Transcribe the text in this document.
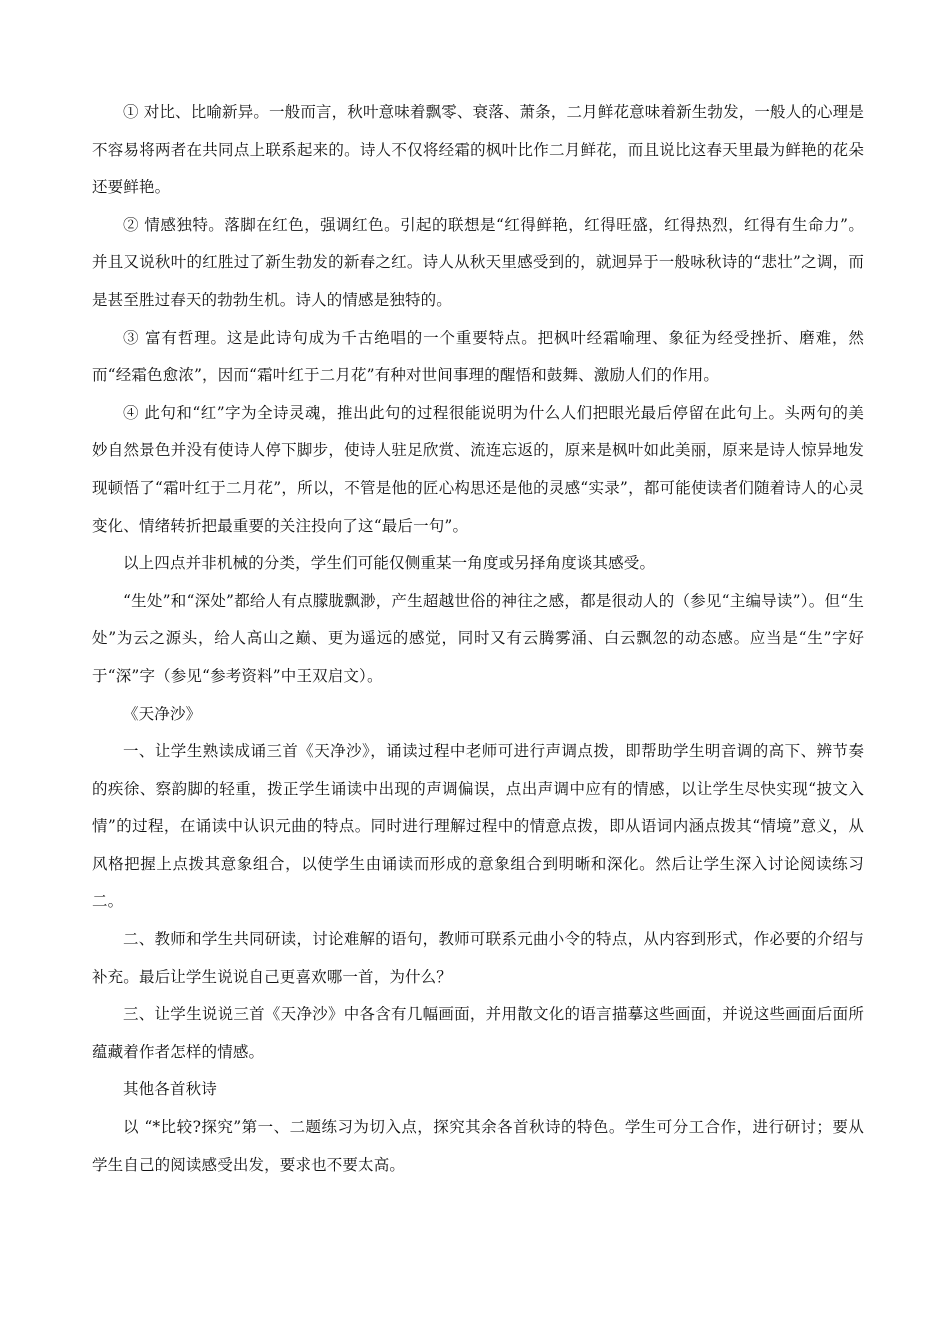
① 对比、比喻新异。一般而言，秋叶意味着飘零、衰落、萧条，二月鲜花意味着新生勃发，一般人的心理是不容易将两者在共同点上联系起来的。诗人不仅将经霜的枫叶比作二月鲜花，而且说比这春天里最为鲜艳的花朵还要鲜艳。

② 情感独特。落脚在红色，强调红色。引起的联想是“红得鲜艳，红得旺盛，红得热烈，红得有生命力”。并且又说秋叶的红胜过了新生勃发的新春之红。诗人从秋天里感受到的，就迥异于一般咏秋诗的“悲壮”之调，而是甚至胜过春天的勃勃生机。诗人的情感是独特的。

③ 富有哲理。这是此诗句成为千古绝唱的一个重要特点。把枫叶经霜喻理、象征为经受挫折、磨难，然而“经霜色愈浓”，因而“霜叶红于二月花”有种对世间事理的醒悟和鼓舞、激励人们的作用。

④ 此句和“红”字为全诗灵魂，推出此句的过程很能说明为什么人们把眼光最后停留在此句上。头两句的美妙自然景色并没有使诗人停下脚步，使诗人驻足欣赏、流连忘返的，原来是枫叶如此美丽，原来是诗人惊异地发现顿悟了“霜叶红于二月花”，所以，不管是他的匠心构思还是他的灵感“实录”，都可能使读者们随着诗人的心灵变化、情绪转折把最重要的关注投向了这“最后一句”。

以上四点并非机械的分类，学生们可能仅侧重某一角度或另择角度谈其感受。

“生处”和“深处”都给人有点朦胧飘渺，产生超越世俗的神往之感，都是很动人的（参见“主编导读”）。但“生处”为云之源头，给人高山之巅、更为遥远的感觉，同时又有云腾雾涌、白云飘忽的动态感。应当是“生”字好于“深”字（参见“参考资料”中王双启文）。

《天净沙》

一、让学生熟读成诵三首《天净沙》，诵读过程中老师可进行声调点拨，即帮助学生明音调的高下、辨节奏的疾徐、察韵脚的轻重，拨正学生诵读中出现的声调偏误，点出声调中应有的情感，以让学生尽快实现“披文入情”的过程，在诵读中认识元曲的特点。同时进行理解过程中的情意点拨，即从语词内涵点拨其“情境”意义，从风格把握上点拨其意象组合，以使学生由诵读而形成的意象组合到明晰和深化。然后让学生深入讨论阅读练习二。

二、教师和学生共同研读，讨论难解的语句，教师可联系元曲小令的特点，从内容到形式，作必要的介绍与补充。最后让学生说说自己更喜欢哪一首，为什么？

三、让学生说说三首《天净沙》中各含有几幅画面，并用散文化的语言描摹这些画面，并说这些画面后面所蕴藏着作者怎样的情感。

其他各首秋诗

以 “*比较?探究”第一、二题练习为切入点，探究其余各首秋诗的特色。学生可分工合作，进行研讨；要从学生自己的阅读感受出发，要求也不要太高。
